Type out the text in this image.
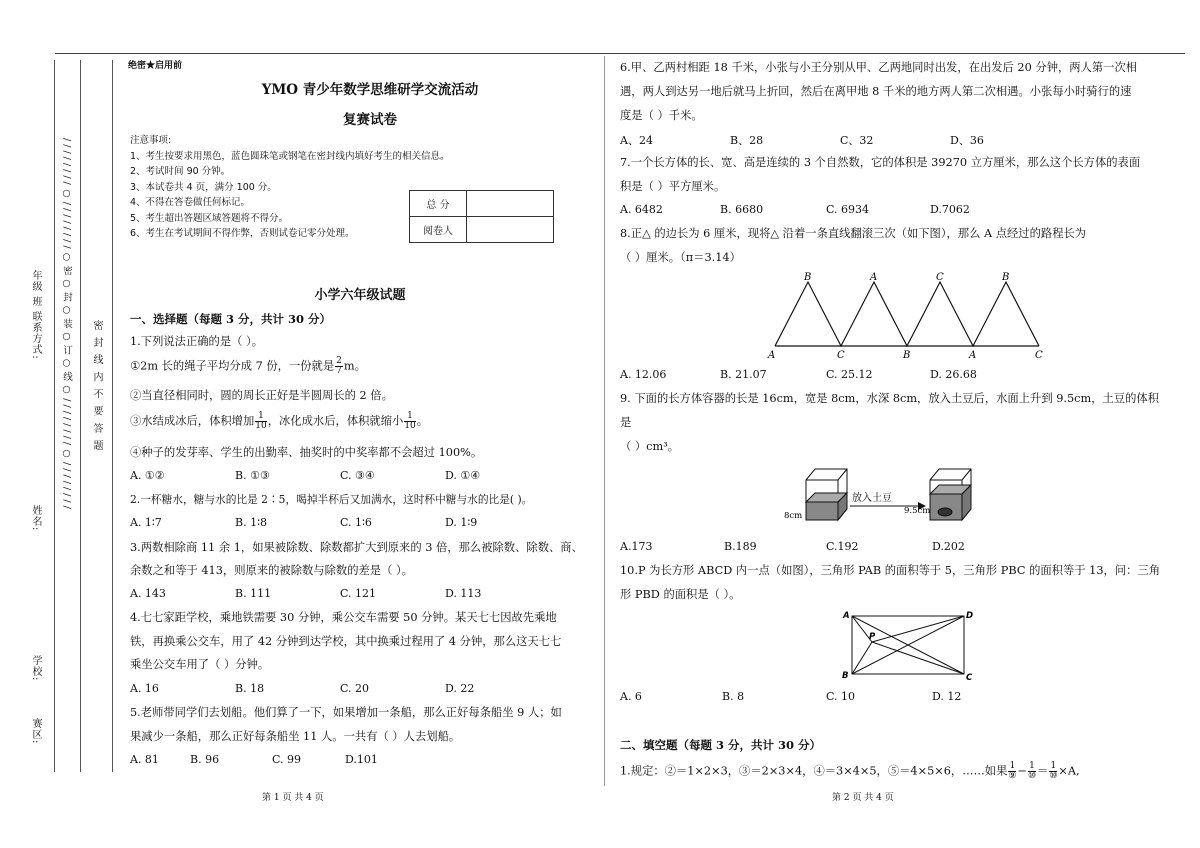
赛区:
学校:
姓名:
年级 班 联系方式: / / / / / / / / ○ / / / / / / / / ○ 密 ○ 封 ○ 装 ○ 订 ○ 线 ○ / / / / / / / / ○ / / / / / / / / 密 封 线 内 不 要 答 题
绝密★启用前
YMO 青少年数学思维研学交流活动
复赛试卷
注意事项:
1、考生按要求用黑色，蓝色圆珠笔或钢笔在密封线内填好考生的相关信息。
2、考试时间 90 分钟。
3、本试卷共 4 页，满分 100 分。
4、不得在答卷做任何标记。
5、考生超出答题区域答题将不得分。
6、考生在考试期间不得作弊，否则试卷记零分处理。
总 分	
阅卷人	
小学六年级试题
一、选择题（每题 3 分，共计 30 分）
1.下列说法正确的是（ ）。
①2m 长的绳子平均分成 7 份，一份就是 $\frac{2}{7}$ m。
②当直径相同时，圆的周长正好是半圆周长的 2 倍。
③水结成冰后，体积增加 $\frac{1}{10}$ ，冰化成水后，体积就缩小 $\frac{1}{10}$ 。
④种子的发芽率、学生的出勤率、抽奖时的中奖率都不会超过 100%。
A. ①②	B. ①③	C. ③④	D. ①④
2.一杯糖水，糖与水的比是 2∶5，喝掉半杯后又加满水，这时杯中糖与水的比是( )。
A. 1∶7	B. 1∶8	C. 1∶6	D. 1∶9
3.两数相除商 11 余 1，如果被除数、除数都扩大到原来的 3 倍，那么被除数、除数、商、
余数之和等于 413，则原来的被除数与除数的差是（ ）。
A. 143	B. 111	C. 121	D. 113
4.七七家距学校，乘地铁需要 30 分钟，乘公交车需要 50 分钟。某天七七因故先乘地
铁，再换乘公交车，用了 42 分钟到达学校，其中换乘过程用了 4 分钟，那么这天七七
乘坐公交车用了（ ）分钟。
A. 16	B. 18	C. 20	D. 22
5.老师带同学们去划船。他们算了一下，如果增加一条船，那么正好每条船坐 9 人；如
果减少一条船，那么正好每条船坐 11 人。一共有（ ）人去划船。
A. 81	B. 96	C. 99	D.101
6.甲、乙两村相距 18 千米，小张与小王分别从甲、乙两地同时出发，在出发后 20 分钟，两人第一次相
遇，两人到达另一地后就马上折回，然后在离甲地 8 千米的地方两人第二次相遇。小张每小时骑行的速
度是（ ）千米。
A、24	B、28	C、32	D、36
7.一个长方体的长、宽、高是连续的 3 个自然数，它的体积是 39270 立方厘米，那么这个长方体的表面
积是（ ）平方厘米。
A. 6482	B. 6680	C. 6934	D.7062
8.正△ 的边长为 6 厘米，现将△ 沿着一条直线翻滚三次（如下图），那么 A 点经过的路程长为
（ ）厘米。（π＝3.14）
B	A	C	B
A	C	B	A	C
A. 12.06	B. 21.07	C. 25.12	D. 26.68
9. 下面的长方体容器的长是 16cm，宽是 8cm，水深 8cm，放入土豆后，水面上升到 9.5cm，土豆的体积
是
（ ）cm³。
放入土豆
8cm	9.5cm
A.173	B.189	C.192	D.202
10.P 为长方形 ABCD 内一点（如图），三角形 PAB 的面积等于 5，三角形 PBC 的面积等于 13，问：三角
形 PBD 的面积是（ ）。
A	D
P
B	C
A. 6	B. 8	C. 10	D. 12
二、填空题（每题 3 分，共计 30 分）
1.规定：②＝1×2×3，③＝2×3×4，④＝3×4×5，⑤＝4×5×6，……如果 $\frac{1}{\text{⑨}} - \frac{1}{\text{⑩}} = \frac{1}{\text{⑩}} \times A$,
第 1 页 共 4 页	第 2 页 共 4 页
